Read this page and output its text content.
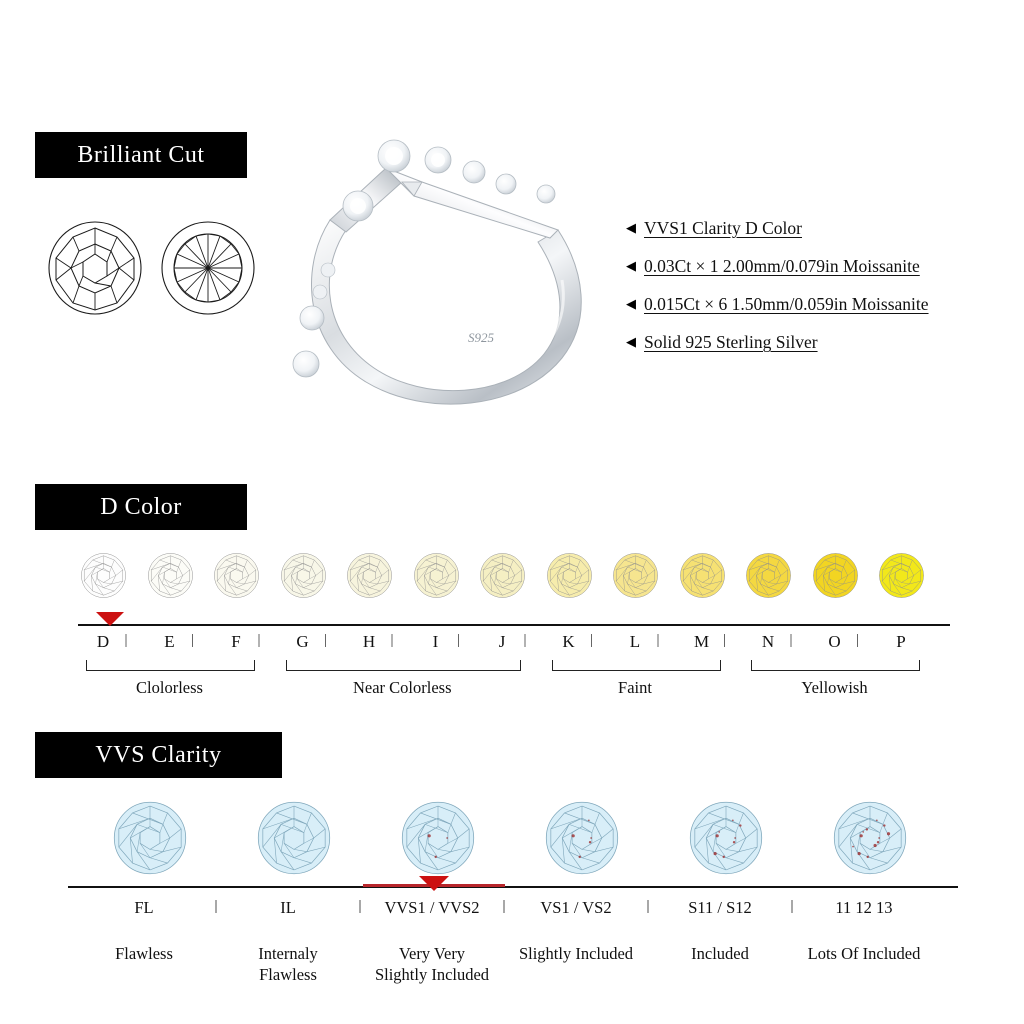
Brilliant Cut
S925
◀ VVS1 Clarity D Color
◀ 0.03Ct × 1 2.00mm/0.079in Moissanite
◀ 0.015Ct × 6 1.50mm/0.059in Moissanite
◀ Solid 925 Sterling Silver
D Color
VVS Clarity
D	|	E	|	F	|	G	|	H	|	I	|	J	|	K	|	L	|	M |	N	|	O	|	P
Clolorless	Near Colorless	Faint	Yellowish
FL	|
Flawless
IL	|
Internaly
Flawless
VVS1 / VVS2	|
Very Very
Slightly Included
VS1 / VS2	|
Slightly Included
S11 / S12	|
Included
11 12 13
Lots Of Included
